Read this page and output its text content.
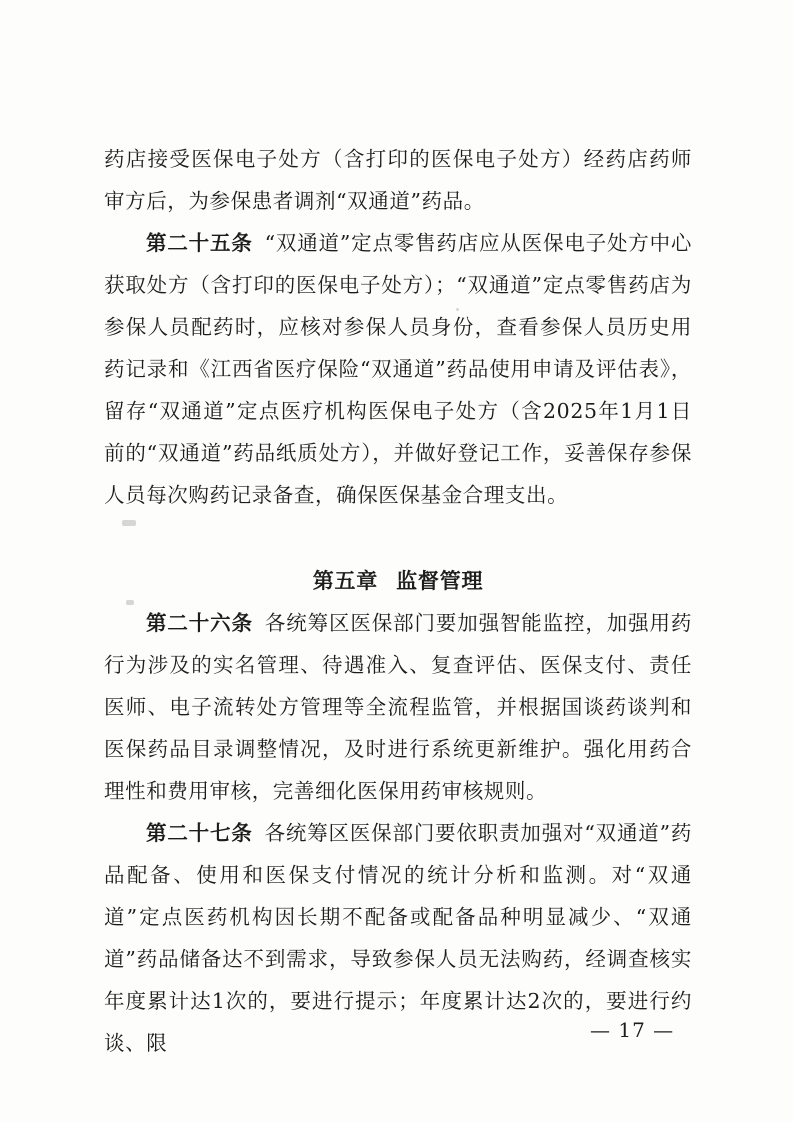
药店接受医保电子处方（含打印的医保电子处方）经药店药师审方后，为参保患者调剂“双通道”药品。

第二十五条 “双通道”定点零售药店应从医保电子处方中心获取处方（含打印的医保电子处方）；“双通道”定点零售药店为参保人员配药时，应核对参保人员身份，查看参保人员历史用药记录和《江西省医疗保险“双通道”药品使用申请及评估表》，留存“双通道”定点医疗机构医保电子处方（含2025年1月1日前的“双通道”药品纸质处方），并做好登记工作，妥善保存参保人员每次购药记录备查，确保医保基金合理支出。

第五章 监督管理

第二十六条 各统筹区医保部门要加强智能监控，加强用药行为涉及的实名管理、待遇准入、复查评估、医保支付、责任医师、电子流转处方管理等全流程监管，并根据国谈药谈判和医保药品目录调整情况，及时进行系统更新维护。强化用药合理性和费用审核，完善细化医保用药审核规则。

第二十七条 各统筹区医保部门要依职责加强对“双通道”药品配备、使用和医保支付情况的统计分析和监测。对“双通道”定点医药机构因长期不配备或配备品种明显减少、“双通道”药品储备达不到需求，导致参保人员无法购药，经调查核实年度累计达1次的，要进行提示；年度累计达2次的，要进行约谈、限

— 17 —
